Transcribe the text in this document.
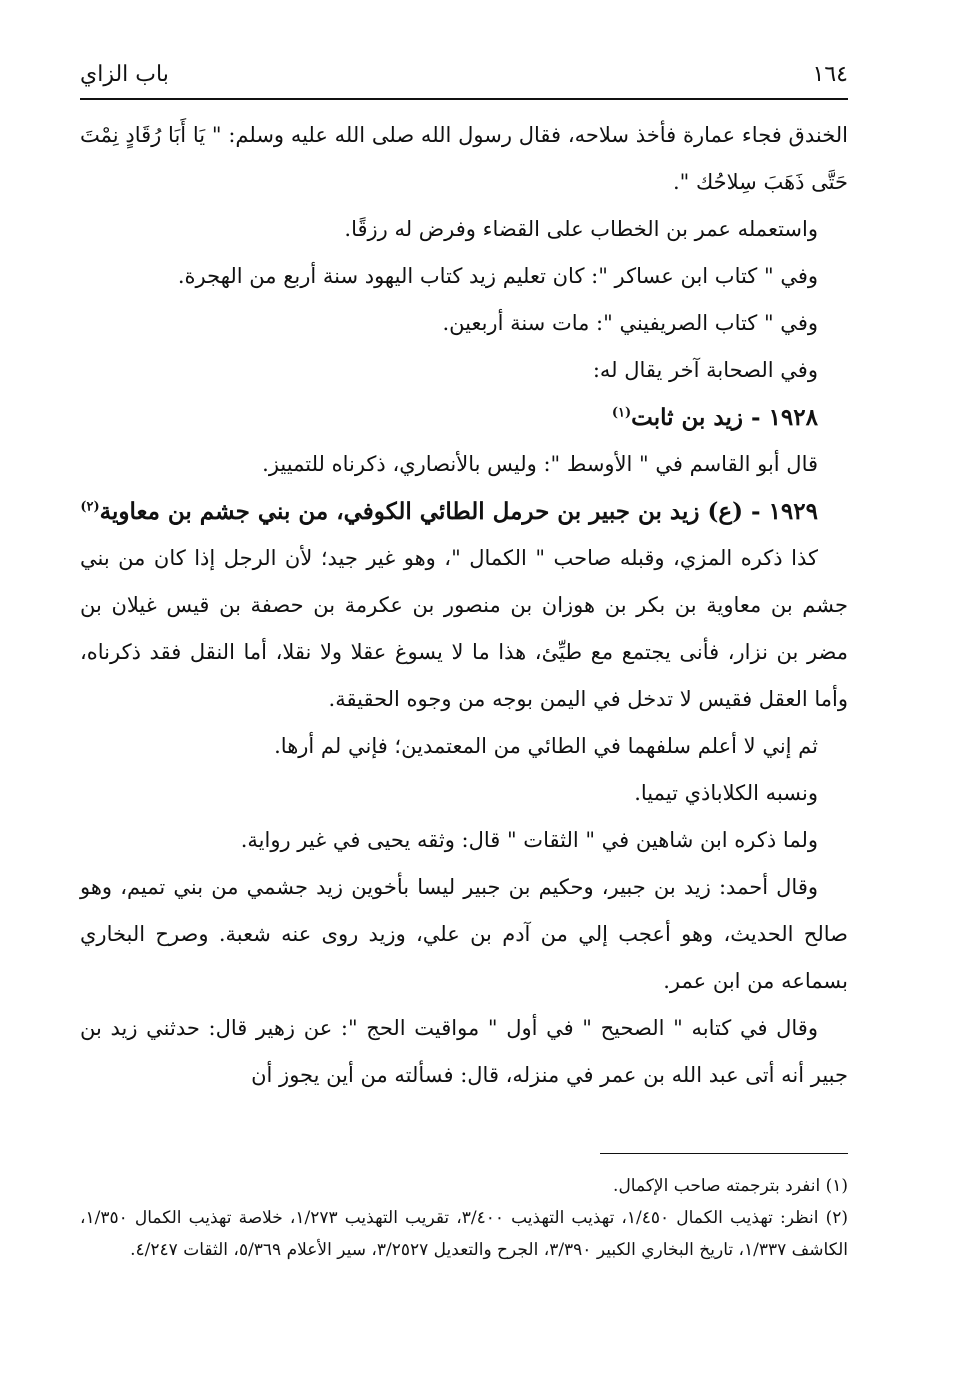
١٦٤
باب الزاي

الخندق فجاء عمارة فأخذ سلاحه، فقال رسول الله صلى الله عليه وسلم: " يَا أَبَا رُقَادٍ نِمْتَ حَتَّى ذَهَبَ سِلاحُك ".

واستعمله عمر بن الخطاب على القضاء وفرض له رزقًا.

وفي " كتاب ابن عساكر ": كان تعليم زيد كتاب اليهود سنة أربع من الهجرة.

وفي " كتاب الصريفيني ": مات سنة أربعين.

وفي الصحابة آخر يقال له:

١٩٢٨ - زيد بن ثابت$^{(١)}$

قال أبو القاسم في " الأوسط ": وليس بالأنصاري، ذكرناه للتمييز.

١٩٢٩ - (ع) زيد بن جبير بن حرمل الطائي الكوفي، من بني جشم بن معاوية$^{(٢)}$

كذا ذكره المزي، وقبله صاحب " الكمال "، وهو غير جيد؛ لأن الرجل إذا كان من بني جشم بن معاوية بن بكر بن هوزان بن منصور بن عكرمة بن حصفة بن قيس غيلان بن مضر بن نزار، فأنى يجتمع مع طيِّئ، هذا ما لا يسوغ عقلا ولا نقلا، أما النقل فقد ذكرناه، وأما العقل فقيس لا تدخل في اليمن بوجه من وجوه الحقيقة.

ثم إني لا أعلم سلفهما في الطائي من المعتمدين؛ فإني لم أرها.

ونسبه الكلاباذي تيميا.

ولما ذكره ابن شاهين في " الثقات " قال: وثقه يحيى في غير رواية.

وقال أحمد: زيد بن جبير، وحكيم بن جبير ليسا بأخوين زيد جشمي من بني تميم، وهو صالح الحديث، وهو أعجب إلي من آدم بن علي، وزيد روى عنه شعبة. وصرح البخاري بسماعه من ابن عمر.

وقال في كتابه " الصحيح " في أول " مواقيت الحج ": عن زهير قال: حدثني زيد بن جبير أنه أتى عبد الله بن عمر في منزله، قال: فسألته من أين يجوز أن

(١) انفرد بترجمته صاحب الإكمال.

(٢) انظر: تهذيب الكمال ١/٤٥٠، تهذيب التهذيب ٣/٤٠٠، تقريب التهذيب ١/٢٧٣، خلاصة تهذيب الكمال ١/٣٥٠، الكاشف ١/٣٣٧، تاريخ البخاري الكبير ٣/٣٩٠، الجرح والتعديل ٣/٢٥٢٧، سير الأعلام ٥/٣٦٩، الثقات ٤/٢٤٧.
